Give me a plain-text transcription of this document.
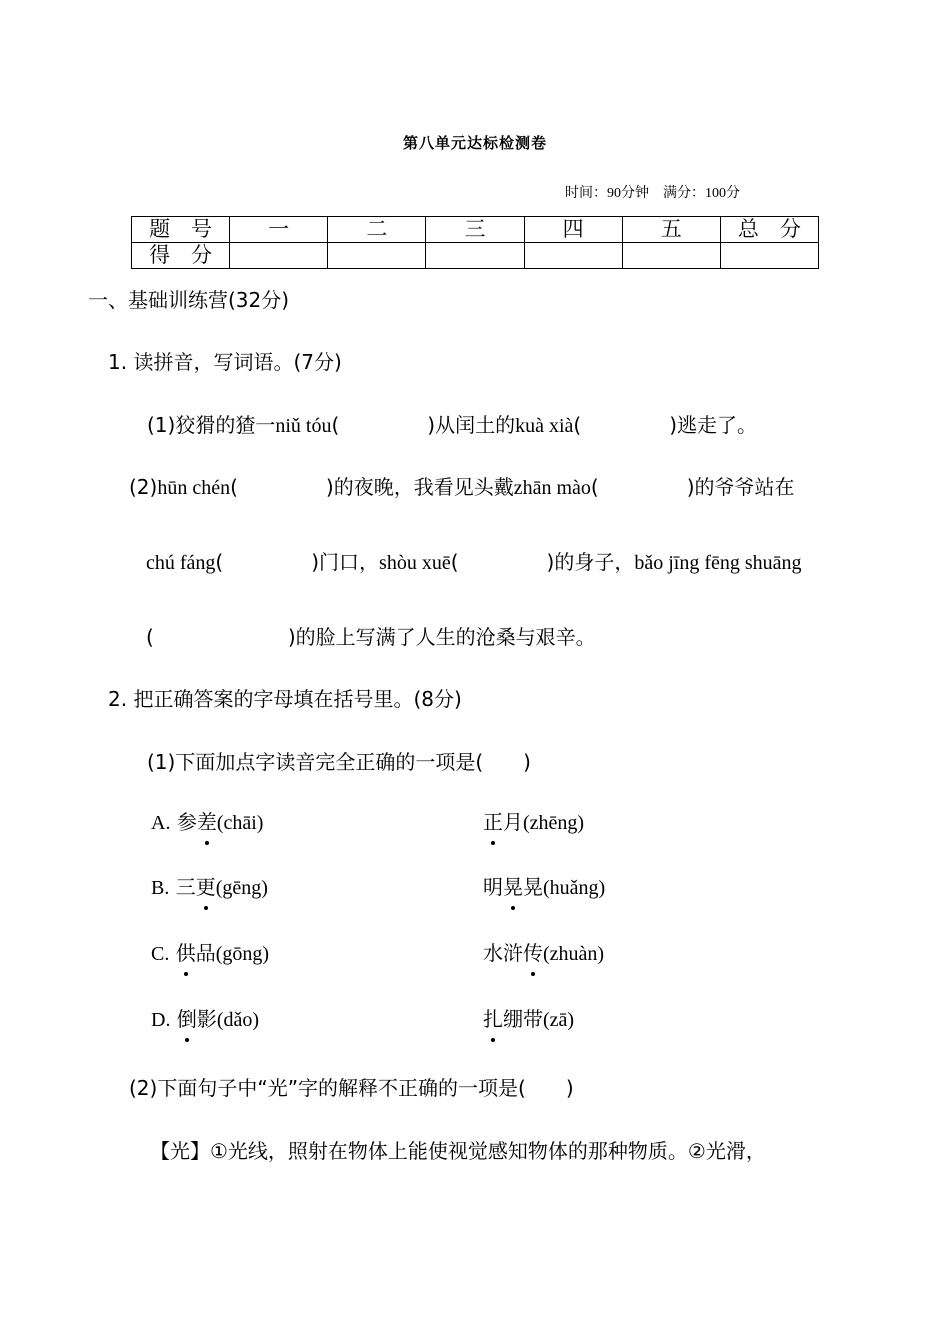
第八单元达标检测卷
时间：90分钟　满分：100分
题　号	一	二	三	四	五	总　分
得　分						
一、基础训练营(32分)
1. 读拼音，写词语。(7分)
(1)狡猾的猹一niǔ tóu(	)从闰土的kuà xià(	)逃走了。
(2)hūn chén(	)的夜晚，我看见头戴zhān mào(	)的爷爷站在
chú fáng(	)门口，shòu xuē(	)的身子，bǎo jīng fēng shuāng
(	)的脸上写满了人生的沧桑与艰辛。
2. 把正确答案的字母填在括号里。(8分)
(1)下面加点字读音完全正确的一项是(　　)
A. 参差(chāi)	正月(zhēng)
B. 三更(gēng)	明晃晃(huǎng)
C. 供品(gōng)	水浒传(zhuàn)
D. 倒影(dǎo)	扎绷带(zā)
(2)下面句子中“光”字的解释不正确的一项是(　　)
【光】①光线，照射在物体上能使视觉感知物体的那种物质。②光滑，
